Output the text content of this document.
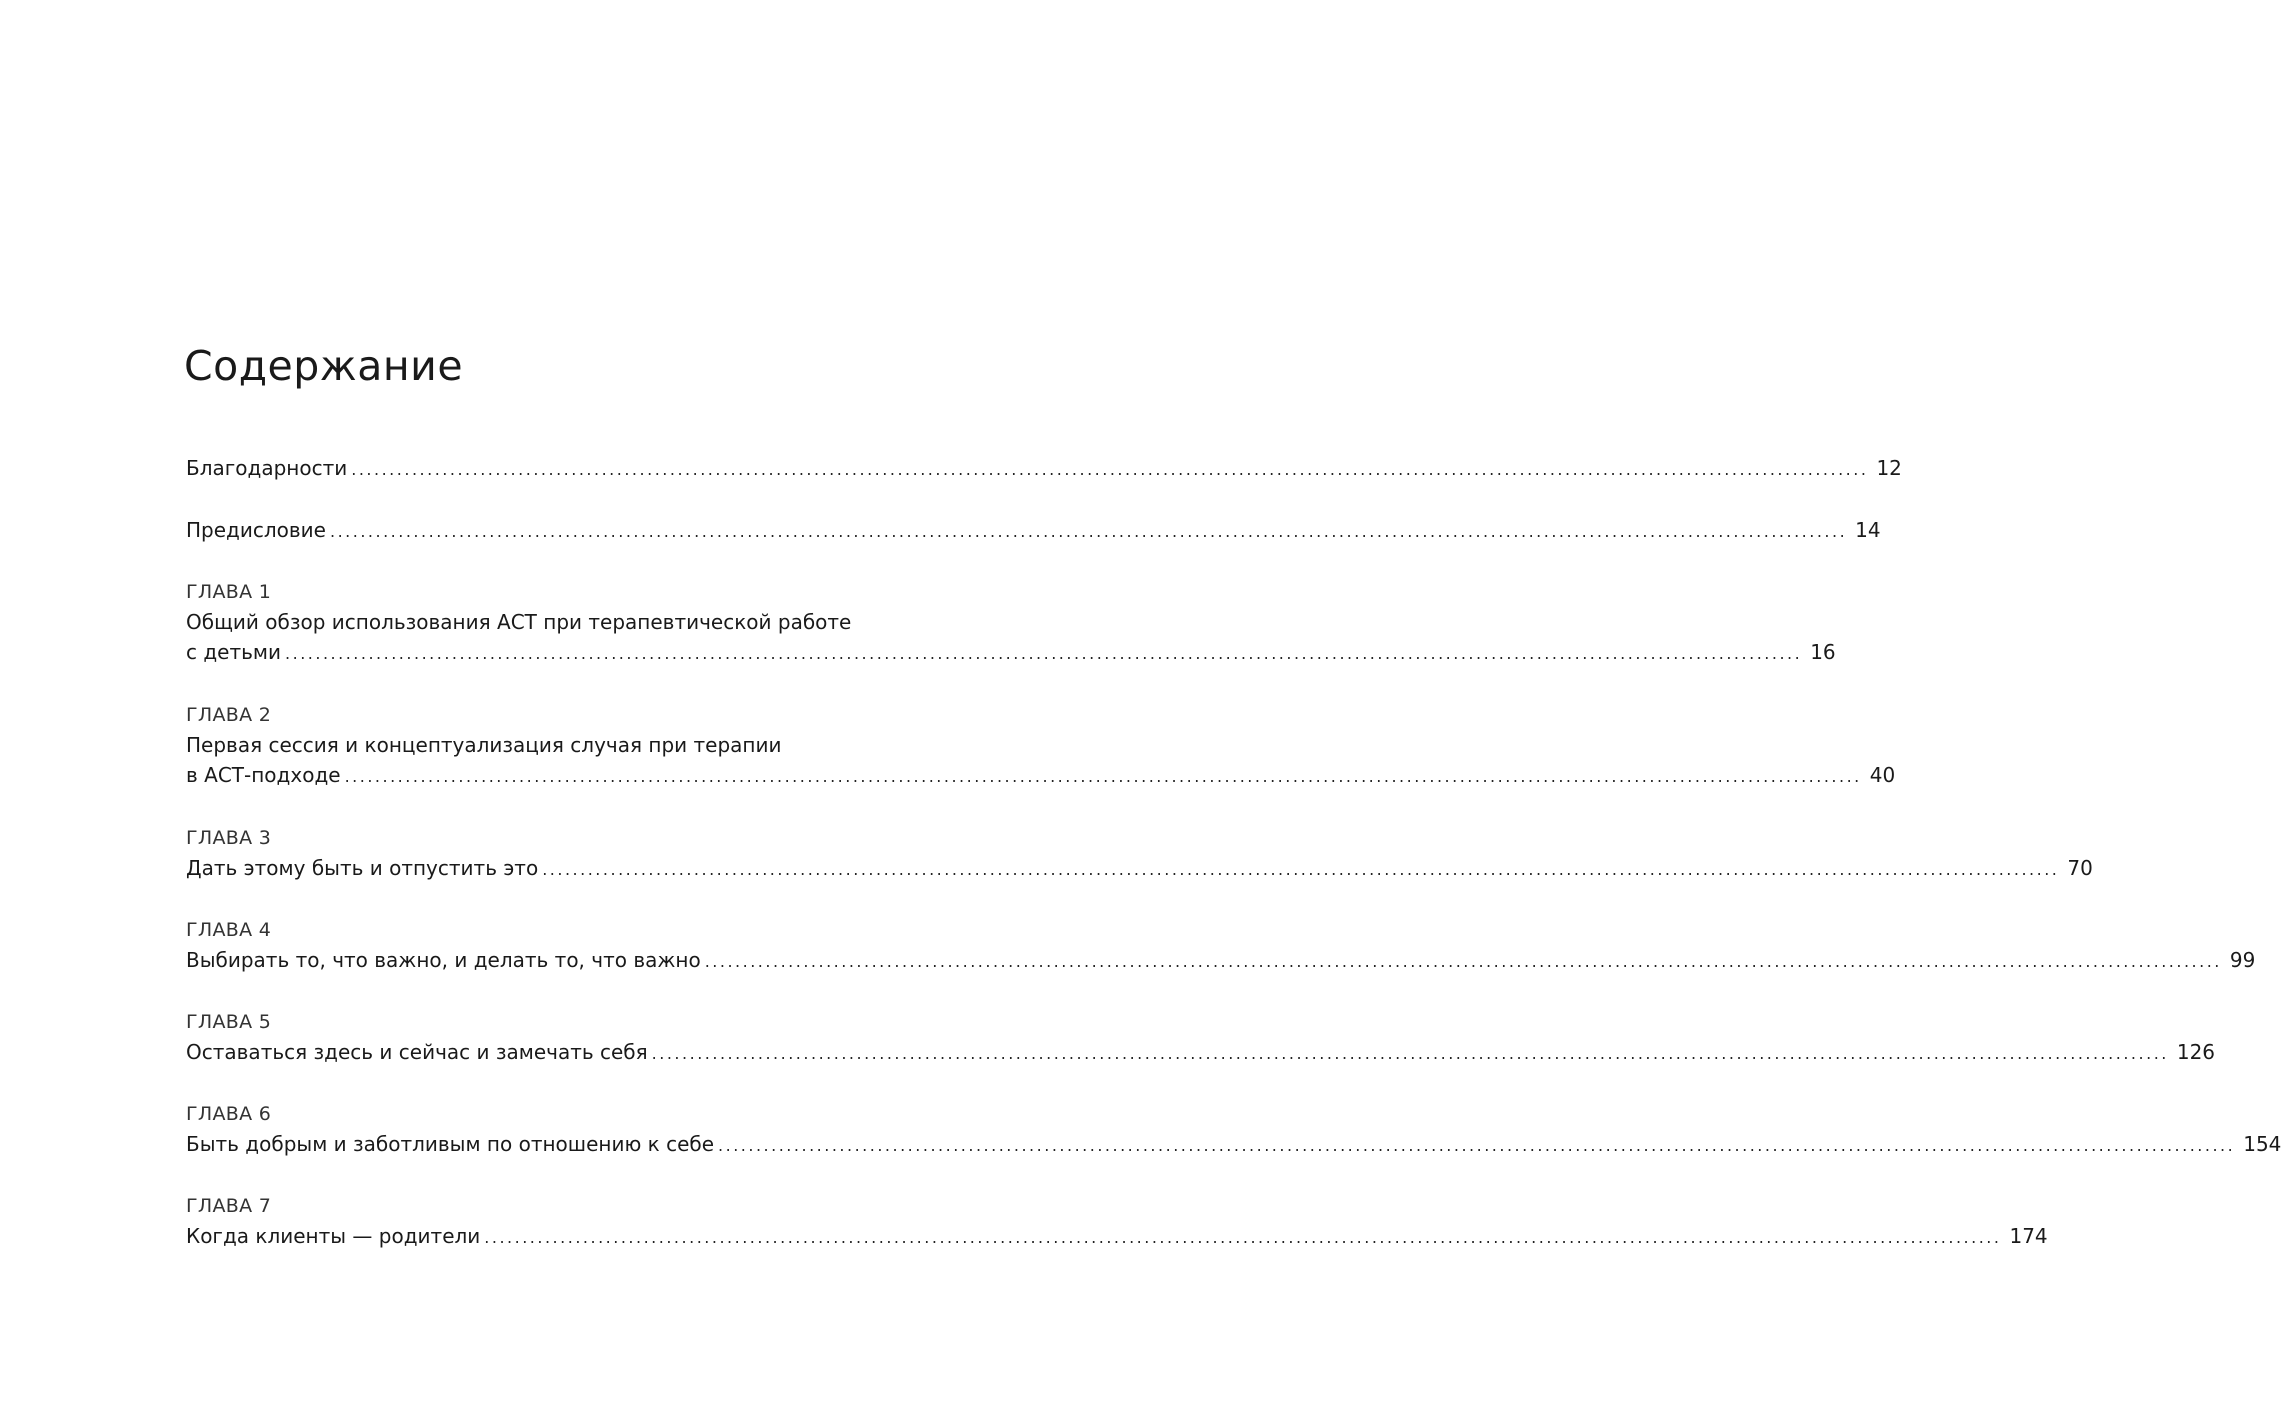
Содержание
Благодарности ........................................................................................................................................................................................................ 12
Предисловие ........................................................................................................................................................................................................ 14
ГЛАВА 1
Общий обзор использования АСТ при терапевтической работе
с детьми ........................................................................................................................................................................................................ 16
ГЛАВА 2
Первая сессия и концептуализация случая при терапии
в АСТ-подходе ........................................................................................................................................................................................................ 40
ГЛАВА 3
Дать этому быть и отпустить это ........................................................................................................................................................................................................ 70
ГЛАВА 4
Выбирать то, что важно, и делать то, что важно ........................................................................................................................................................................................................ 99
ГЛАВА 5
Оставаться здесь и сейчас и замечать себя ........................................................................................................................................................................................................ 126
ГЛАВА 6
Быть добрым и заботливым по отношению к себе ........................................................................................................................................................................................................ 154
ГЛАВА 7
Когда клиенты — родители ........................................................................................................................................................................................................ 174
